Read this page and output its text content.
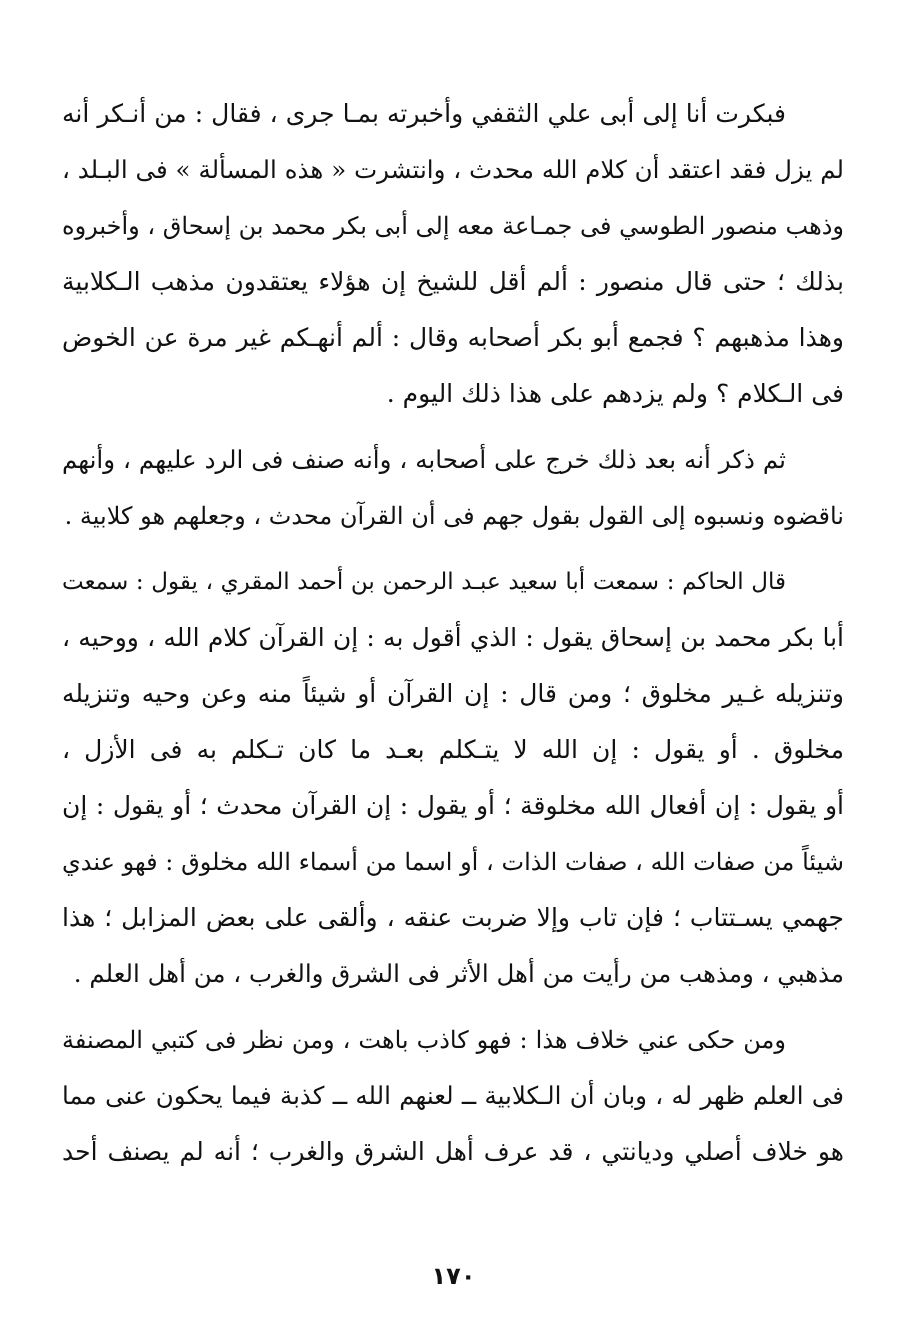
فبكرت أنا إلى أبى علي الثقفي وأخبرته بمـا جرى ، فقال : من أنـكر أنه
لم يزل فقد اعتقد أن كلام الله محدث ، وانتشرت « هذه المسألة » فى البـلد ،
وذهب منصور الطوسي فى جمـاعة معه إلى أبى بكر محمد بن إسحاق ، وأخبروه
بذلك ؛ حتى قال منصور : ألم أقل للشيخ إن هؤلاء يعتقدون مذهب الـكلابية
وهذا مذهبهم ؟ فجمع أبو بكر أصحابه وقال : ألم أنهـكم غير مرة عن الخوض
فى الـكلام ؟ ولم يزدهم على هذا ذلك اليوم .

ثم ذكر أنه بعد ذلك خرج على أصحابه ، وأنه صنف فى الرد عليهم ، وأنهم
ناقضوه ونسبوه إلى القول بقول جهم فى أن القرآن محدث ، وجعلهم هو كلابية .

قال الحاكم : سمعت أبا سعيد عبـد الرحمن بن أحمد المقري ، يقول : سمعت
أبا بكر محمد بن إسحاق يقول : الذي أقول به : إن القرآن كلام الله ، ووحيه ،
وتنزيله غـير مخلوق ؛ ومن قال : إن القرآن أو شيئاً منه وعن وحيه وتنزيله
مخلوق . أو يقول : إن الله لا يتـكلم بعـد ما كان تـكلم به فى الأزل ،
أو يقول : إن أفعال الله مخلوقة ؛ أو يقول : إن القرآن محدث ؛ أو يقول : إن
شيئاً من صفات الله ، صفات الذات ، أو اسما من أسماء الله مخلوق : فهو عندي
جهمي يسـتتاب ؛ فإن تاب وإلا ضربت عنقه ، وألقى على بعض المزابل ؛ هذا
مذهبي ، ومذهب من رأيت من أهل الأثر فى الشرق والغرب ، من أهل العلم .

ومن حكى عني خلاف هذا : فهو كاذب باهت ، ومن نظر فى كتبي المصنفة
فى العلم ظهر له ، وبان أن الـكلابية ــ لعنهم الله ــ كذبة فيما يحكون عنى مما
هو خلاف أصلي وديانتي ، قد عرف أهل الشرق والغرب ؛ أنه لم يصنف أحد

١٧٠
